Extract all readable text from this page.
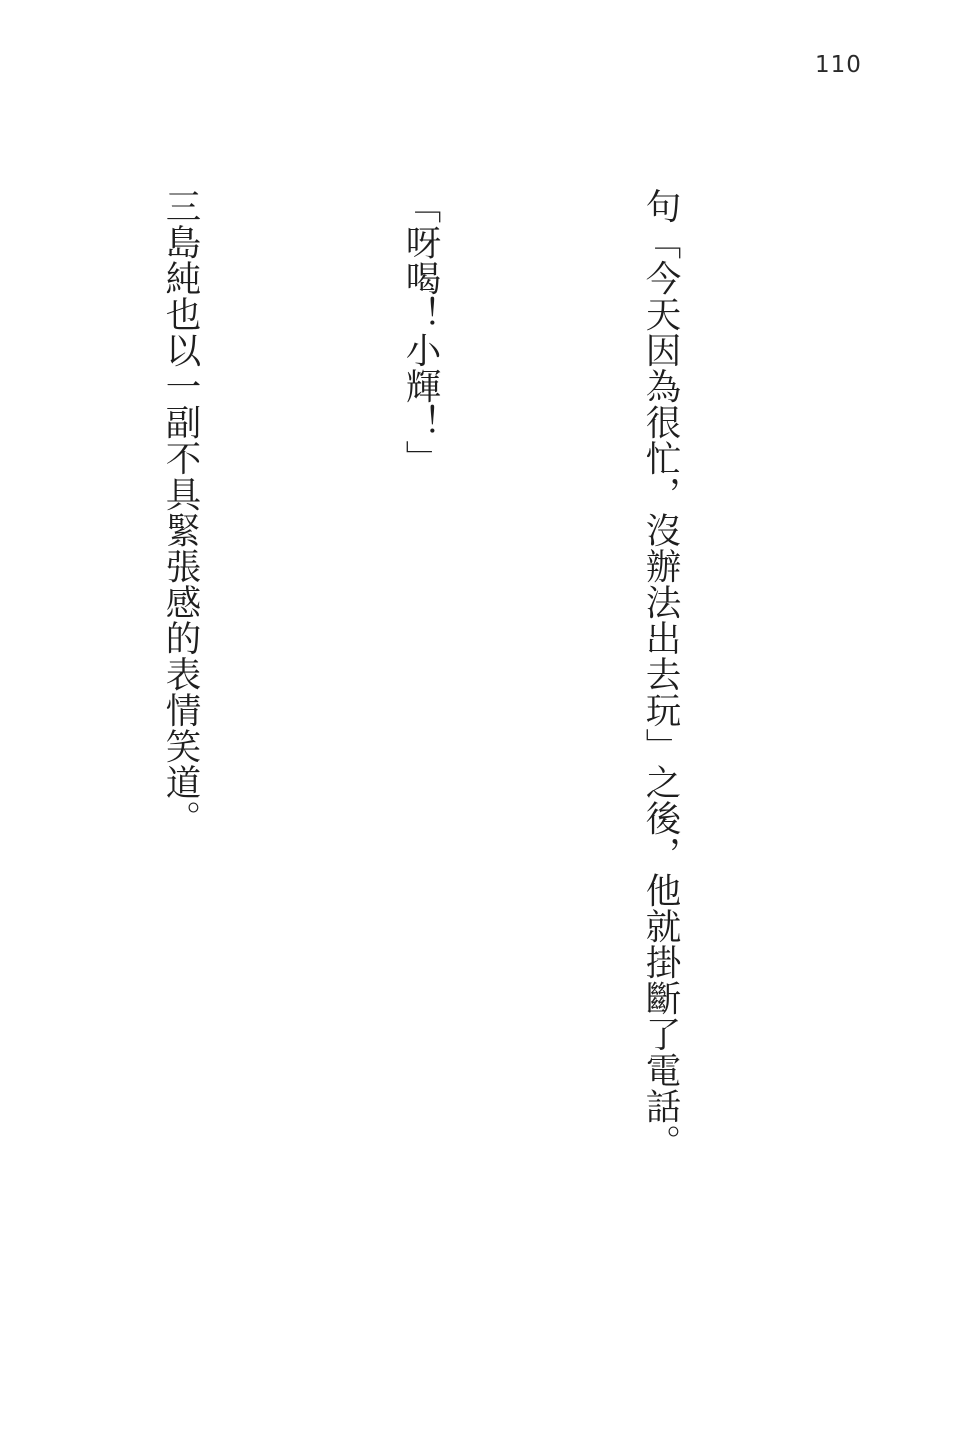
110

句「今天因為很忙，沒辦法出去玩」之後，他就掛斷了電話。

「呀喝！小輝！」

三島純也以一副不具緊張感的表情笑道。
